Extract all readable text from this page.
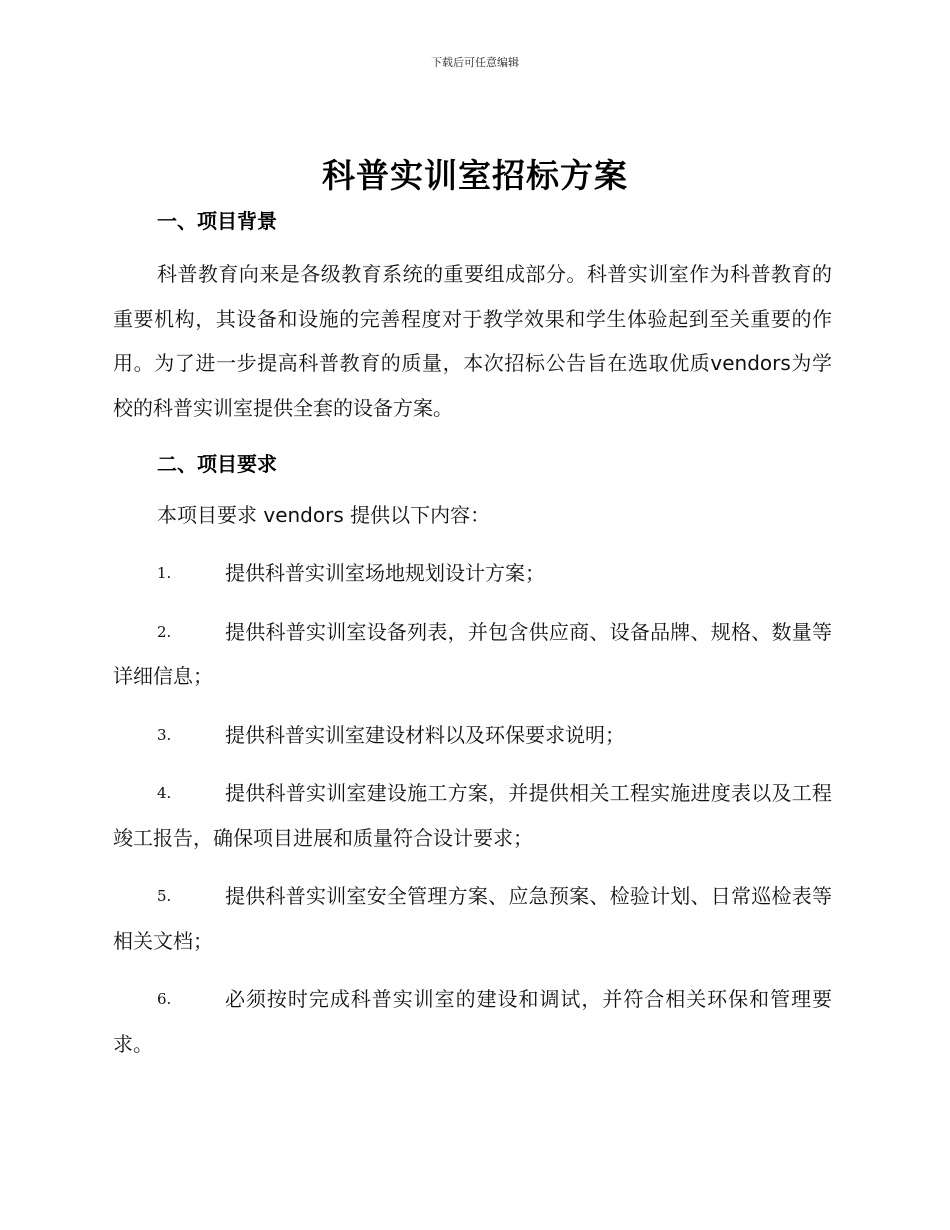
下载后可任意编辑
科普实训室招标方案
一、项目背景

科普教育向来是各级教育系统的重要组成部分。科普实训室作为科普教育的重要机构，其设备和设施的完善程度对于教学效果和学生体验起到至关重要的作用。为了进一步提高科普教育的质量，本次招标公告旨在选取优质vendors为学校的科普实训室提供全套的设备方案。

二、项目要求

本项目要求 vendors 提供以下内容：

1.	提供科普实训室场地规划设计方案；
2.	提供科普实训室设备列表，并包含供应商、设备品牌、规格、数量等详细信息；
3.	提供科普实训室建设材料以及环保要求说明；
4.	提供科普实训室建设施工方案，并提供相关工程实施进度表以及工程竣工报告，确保项目进展和质量符合设计要求；
5.	提供科普实训室安全管理方案、应急预案、检验计划、日常巡检表等相关文档；
6.	必须按时完成科普实训室的建设和调试，并符合相关环保和管理要求。
